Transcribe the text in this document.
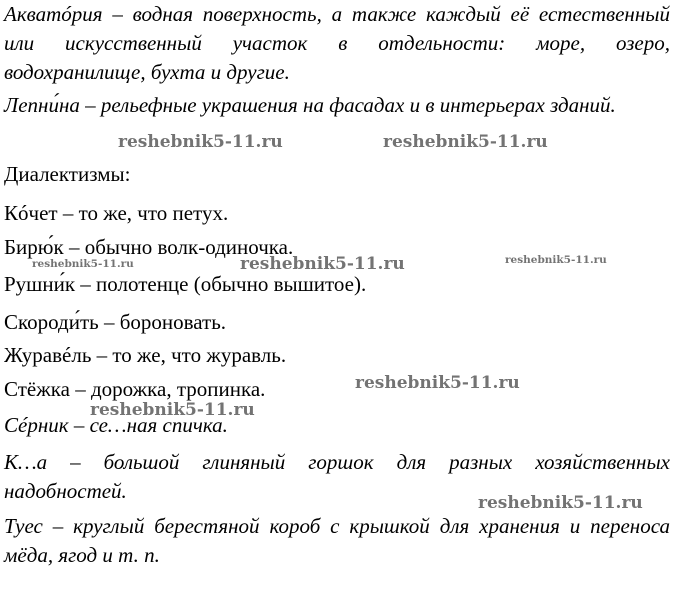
Акватóрия – водная поверхность, а также каждый её естественный
или искусственный участок в отдельности: море, озеро,
водохранилище, бухта и другие.
Лепни́на – рельефные украшения на фасадах и в интерьерах зданий.
Диалектизмы:
Кóчет – то же, что петух.
Бирю́к – обычно волк-одиночка.
Рушни́к – полотенце (обычно вышитое).
Скороди́ть – бороновать.
Журавéль – то же, что журавль.
Стёжка – дорожка, тропинка.
Сéрник – се…ная спичка.
К…а – большой глиняный горшок для разных хозяйственных
надобностей.
Туес – круглый берестяной короб с крышкой для хранения и переноса
мёда, ягод и т. п.
reshebnik5-11.ru	reshebnik5-11.ru
reshebnik5-11.ru	reshebnik5-11.ru	reshebnik5-11.ru
reshebnik5-11.ru
reshebnik5-11.ru
reshebnik5-11.ru
